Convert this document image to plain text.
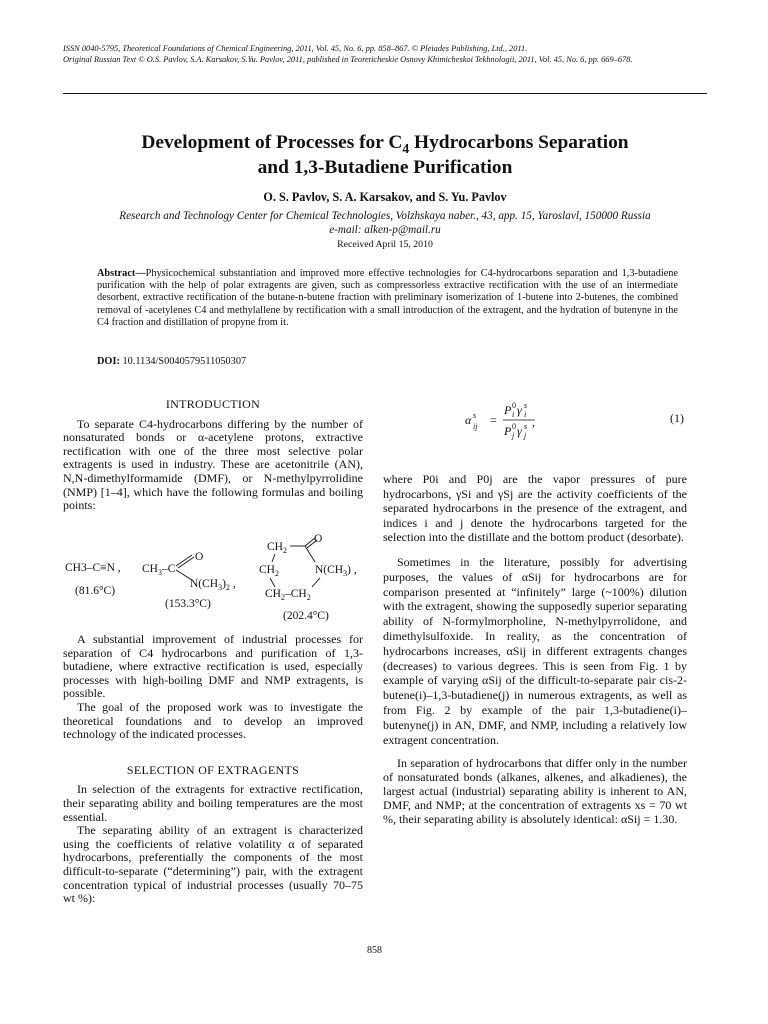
ISSN 0040-5795, Theoretical Foundations of Chemical Engineering, 2011, Vol. 45, No. 6, pp. 858–867. © Pleiades Publishing, Ltd., 2011.
Original Russian Text © O.S. Pavlov, S.A. Karsakov, S.Yu. Pavlov, 2011, published in Teoreticheskie Osnovy Khimicheskoi Tekhnologii, 2011, Vol. 45, No. 6, pp. 669–678.
Development of Processes for $C_4$ Hydrocarbons Separation
and 1,3-Butadiene Purification
O. S. Pavlov, S. A. Karsakov, and S. Yu. Pavlov
Research and Technology Center for Chemical Technologies, Volzhskaya naber., 43, app. 15, Yaroslavl, 150000 Russia
e-mail: alken-p@mail.ru
Received April 15, 2010
Abstract—Physicochemical substantiation and improved more effective technologies for C4-hydrocarbons separation and 1,3-butadiene purification with the help of polar extragents are given, such as compressorless extractive rectification with the use of an intermediate desorbent, extractive rectification of the butane-n-butene fraction with preliminary isomerization of 1-butene into 2-butenes, the combined removal of -acetylenes C4 and methylallene by rectification with a small introduction of the extragent, and the hydration of butenyne in the C4 fraction and distillation of propyne from it.
DOI: 10.1134/S0040579511050307
INTRODUCTION

To separate C4-hydrocarbons differing by the number of nonsaturated bonds or α-acetylene protons, extractive rectification with one of the three most selective polar extragents is used in industry. These are acetonitrile (AN), N,N-dimethylformamide (DMF), or N-methylpyrrolidine (NMP) [1–4], which have the following formulas and boiling points:

CH3–C≡N ,
(81.6°C)
$CH_3-C$
O
$N(CH_3)_2$ ,
$CH_2$
O
$CH_2$	$N(CH_3)$ ,
$CH_2-CH_2$
(153.3°C)
(202.4°C)

A substantial improvement of industrial processes for separation of C4 hydrocarbons and purification of 1,3-butadiene, where extractive rectification is used, especially processes with high-boiling DMF and NMP extragents, is possible.

The goal of the proposed work was to investigate the theoretical foundations and to develop an improved technology of the indicated processes.

SELECTION OF EXTRAGENTS

In selection of the extragents for extractive rectification, their separating ability and boiling temperatures are the most essential.

The separating ability of an extragent is characterized using the coefficients of relative volatility α of separated hydrocarbons, preferentially the components of the most difficult-to-separate (“determining”) pair, with the extragent concentration typical of industrial processes (usually 70–75 wt %):

α s
ij =
P 0
i γ s
i
P 0
j γ s
j
,	(1)

where P0i and P0j are the vapor pressures of pure hydrocarbons, γSi and γSj are the activity coefficients of the separated hydrocarbons in the presence of the extragent, and indices i and j denote the hydrocarbons targeted for the selection into the distillate and the bottom product (desorbate).

Sometimes in the literature, possibly for advertising purposes, the values of αSij for hydrocarbons are for comparison presented at “infinitely” large (~100%) dilution with the extragent, showing the supposedly superior separating ability of N-formylmorpholine, N-methylpyrrolidone, and dimethylsulfoxide. In reality, as the concentration of hydrocarbons increases, αSij in different extragents changes (decreases) to various degrees. This is seen from Fig. 1 by example of varying αSij of the difficult-to-separate pair cis-2-butene(i)–1,3-butadiene(j) in numerous extragents, as well as from Fig. 2 by example of the pair 1,3-butadiene(i)–butenyne(j) in AN, DMF, and NMP, including a relatively low extragent concentration.

In separation of hydrocarbons that differ only in the number of nonsaturated bonds (alkanes, alkenes, and alkadienes), the largest actual (industrial) separating ability is inherent to AN, DMF, and NMP; at the concentration of extragents xs = 70 wt %, their separating ability is absolutely identical: αSij = 1.30.

858
